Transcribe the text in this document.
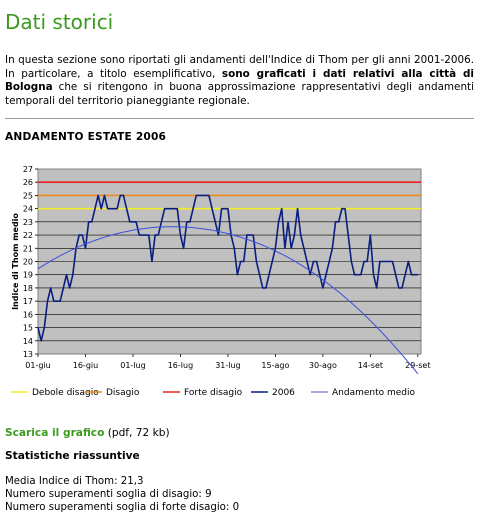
Dati storici

In questa sezione sono riportati gli andamenti dell'Indice di Thom per gli anni 2001-2006. In particolare, a titolo esemplificativo, sono graficati i dati relativi alla città di Bologna che si ritengono in buona approssimazione rappresentativi degli andamenti temporali del territorio pianeggiante regionale.

ANDAMENTO ESTATE 2006
13
14
15
16
17
18
19
20
21
22
23
24
25
26
27
01-giu	16-giu	01-lug	16-lug	31-lug	15-ago 30-ago	14-set	29-set
Indice di Thom medio
Debole disagio Disagio	Forte disagio	2006	Andamento medio
Scarica il grafico (pdf, 72 kb)
Statistiche riassuntive
Media Indice di Thom: 21,3
Numero superamenti soglia di disagio: 9
Numero superamenti soglia di forte disagio: 0
